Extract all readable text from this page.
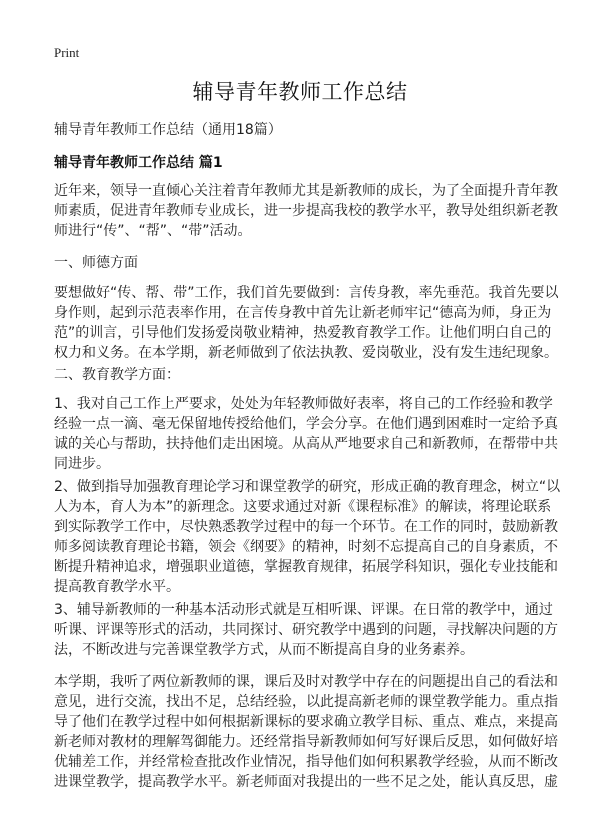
Print
辅导青年教师工作总结
辅导青年教师工作总结（通用18篇）
辅导青年教师工作总结 篇1
近年来，领导一直倾心关注着青年教师尤其是新教师的成长，为了全面提升青年教
师素质，促进青年教师专业成长，进一步提高我校的教学水平，教导处组织新老教
师进行“传”、“帮”、“带”活动。
一、师德方面
要想做好“传、帮、带”工作，我们首先要做到：言传身教，率先垂范。我首先要以
身作则，起到示范表率作用，在言传身教中首先让新老师牢记“德高为师，身正为
范”的训言，引导他们发扬爱岗敬业精神，热爱教育教学工作。让他们明白自己的
权力和义务。在本学期，新老师做到了依法执教、爱岗敬业，没有发生违纪现象。
二、教育教学方面：
1、我对自己工作上严要求，处处为年轻教师做好表率，将自己的工作经验和教学
经验一点一滴、毫无保留地传授给他们，学会分享。在他们遇到困难时一定给予真
诚的关心与帮助，扶持他们走出困境。从高从严地要求自己和新教师，在帮带中共
同进步。
2、做到指导加强教育理论学习和课堂教学的研究，形成正确的教育理念，树立“以
人为本，育人为本”的新理念。这要求通过对新《课程标准》的解读，将理论联系
到实际教学工作中，尽快熟悉教学过程中的每一个环节。在工作的同时，鼓励新教
师多阅读教育理论书籍，领会《纲要》的精神，时刻不忘提高自己的自身素质，不
断提升精神追求，增强职业道德，掌握教育规律，拓展学科知识，强化专业技能和
提高教育教学水平。
3、辅导新教师的一种基本活动形式就是互相听课、评课。在日常的教学中，通过
听课、评课等形式的活动，共同探讨、研究教学中遇到的问题，寻找解决问题的方
法，不断改进与完善课堂教学方式，从而不断提高自身的业务素养。
本学期，我听了两位新教师的课，课后及时对教学中存在的问题提出自己的看法和
意见，进行交流，找出不足，总结经验，以此提高新老师的课堂教学能力。重点指
导了他们在教学过程中如何根据新课标的要求确立教学目标、重点、难点，来提高
新老师对教材的理解驾御能力。还经常指导新教师如何写好课后反思，如何做好培
优辅差工作，并经常检查批改作业情况，指导他们如何积累教学经验，从而不断改
进课堂教学，提高教学水平。新老师面对我提出的一些不足之处，能认真反思，虚
